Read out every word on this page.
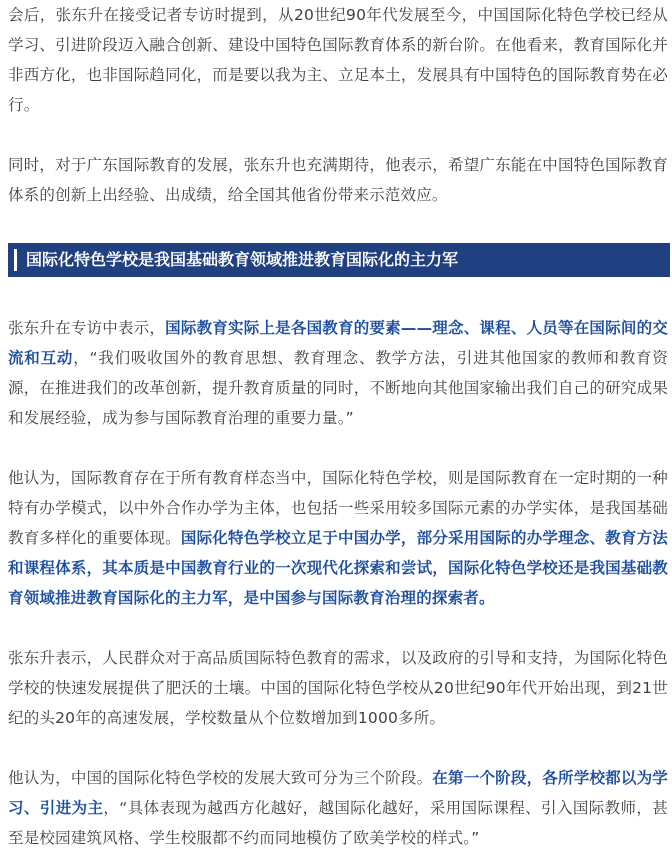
会后，张东升在接受记者专访时提到，从20世纪90年代发展至今，中国国际化特色学校已经从学习、引进阶段迈入融合创新、建设中国特色国际教育体系的新台阶。在他看来，教育国际化并非西方化，也非国际趋同化，而是要以我为主、立足本土，发展具有中国特色的国际教育势在必行。

同时，对于广东国际教育的发展，张东升也充满期待，他表示，希望广东能在中国特色国际教育体系的创新上出经验、出成绩，给全国其他省份带来示范效应。

国际化特色学校是我国基础教育领域推进教育国际化的主力军

张东升在专访中表示，国际教育实际上是各国教育的要素——理念、课程、人员等在国际间的交流和互动，“我们吸收国外的教育思想、教育理念、教学方法，引进其他国家的教师和教育资源，在推进我们的改革创新，提升教育质量的同时，不断地向其他国家输出我们自己的研究成果和发展经验，成为参与国际教育治理的重要力量。”

他认为，国际教育存在于所有教育样态当中，国际化特色学校，则是国际教育在一定时期的一种特有办学模式，以中外合作办学为主体，也包括一些采用较多国际元素的办学实体，是我国基础教育多样化的重要体现。国际化特色学校立足于中国办学，部分采用国际的办学理念、教育方法和课程体系，其本质是中国教育行业的一次现代化探索和尝试，国际化特色学校还是我国基础教育领域推进教育国际化的主力军，是中国参与国际教育治理的探索者。

张东升表示，人民群众对于高品质国际特色教育的需求，以及政府的引导和支持，为国际化特色学校的快速发展提供了肥沃的土壤。中国的国际化特色学校从20世纪90年代开始出现，到21世纪的头20年的高速发展，学校数量从个位数增加到1000多所。

他认为，中国的国际化特色学校的发展大致可分为三个阶段。在第一个阶段，各所学校都以为学习、引进为主，“具体表现为越西方化越好，越国际化越好，采用国际课程、引入国际教师，甚至是校园建筑风格、学生校服都不约而同地模仿了欧美学校的样式。”
